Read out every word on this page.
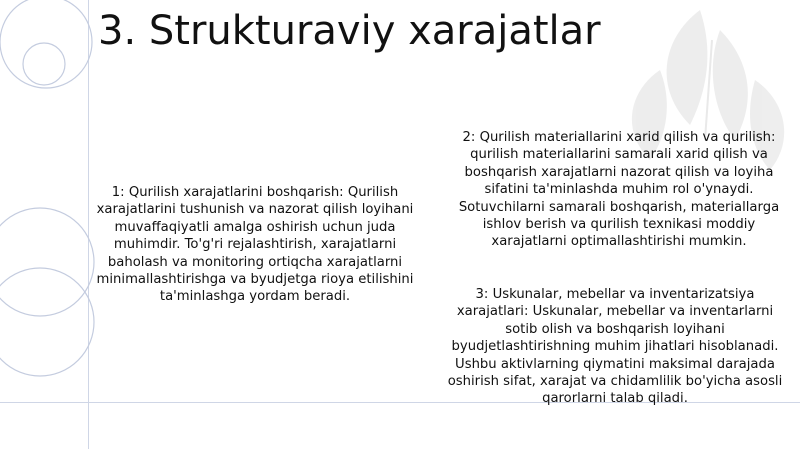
3. Strukturaviy xarajatlar

1: Qurilish xarajatlarini boshqarish: Qurilish xarajatlarini tushunish va nazorat qilish loyihani muvaffaqiyatli amalga oshirish uchun juda muhimdir. To'g'ri rejalashtirish, xarajatlarni baholash va monitoring ortiqcha xarajatlarni minimallashtirishga va byudjetga rioya etilishini ta'minlashga yordam beradi.

2: Qurilish materiallarini xarid qilish va qurilish: qurilish materiallarini samarali xarid qilish va boshqarish xarajatlarni nazorat qilish va loyiha sifatini ta'minlashda muhim rol o'ynaydi. Sotuvchilarni samarali boshqarish, materiallarga ishlov berish va qurilish texnikasi moddiy xarajatlarni optimallashtirishi mumkin.

3: Uskunalar, mebellar va inventarizatsiya xarajatlari: Uskunalar, mebellar va inventarlarni sotib olish va boshqarish loyihani byudjetlashtirishning muhim jihatlari hisoblanadi. Ushbu aktivlarning qiymatini maksimal darajada oshirish sifat, xarajat va chidamlilik bo'yicha asosli qarorlarni talab qiladi.
